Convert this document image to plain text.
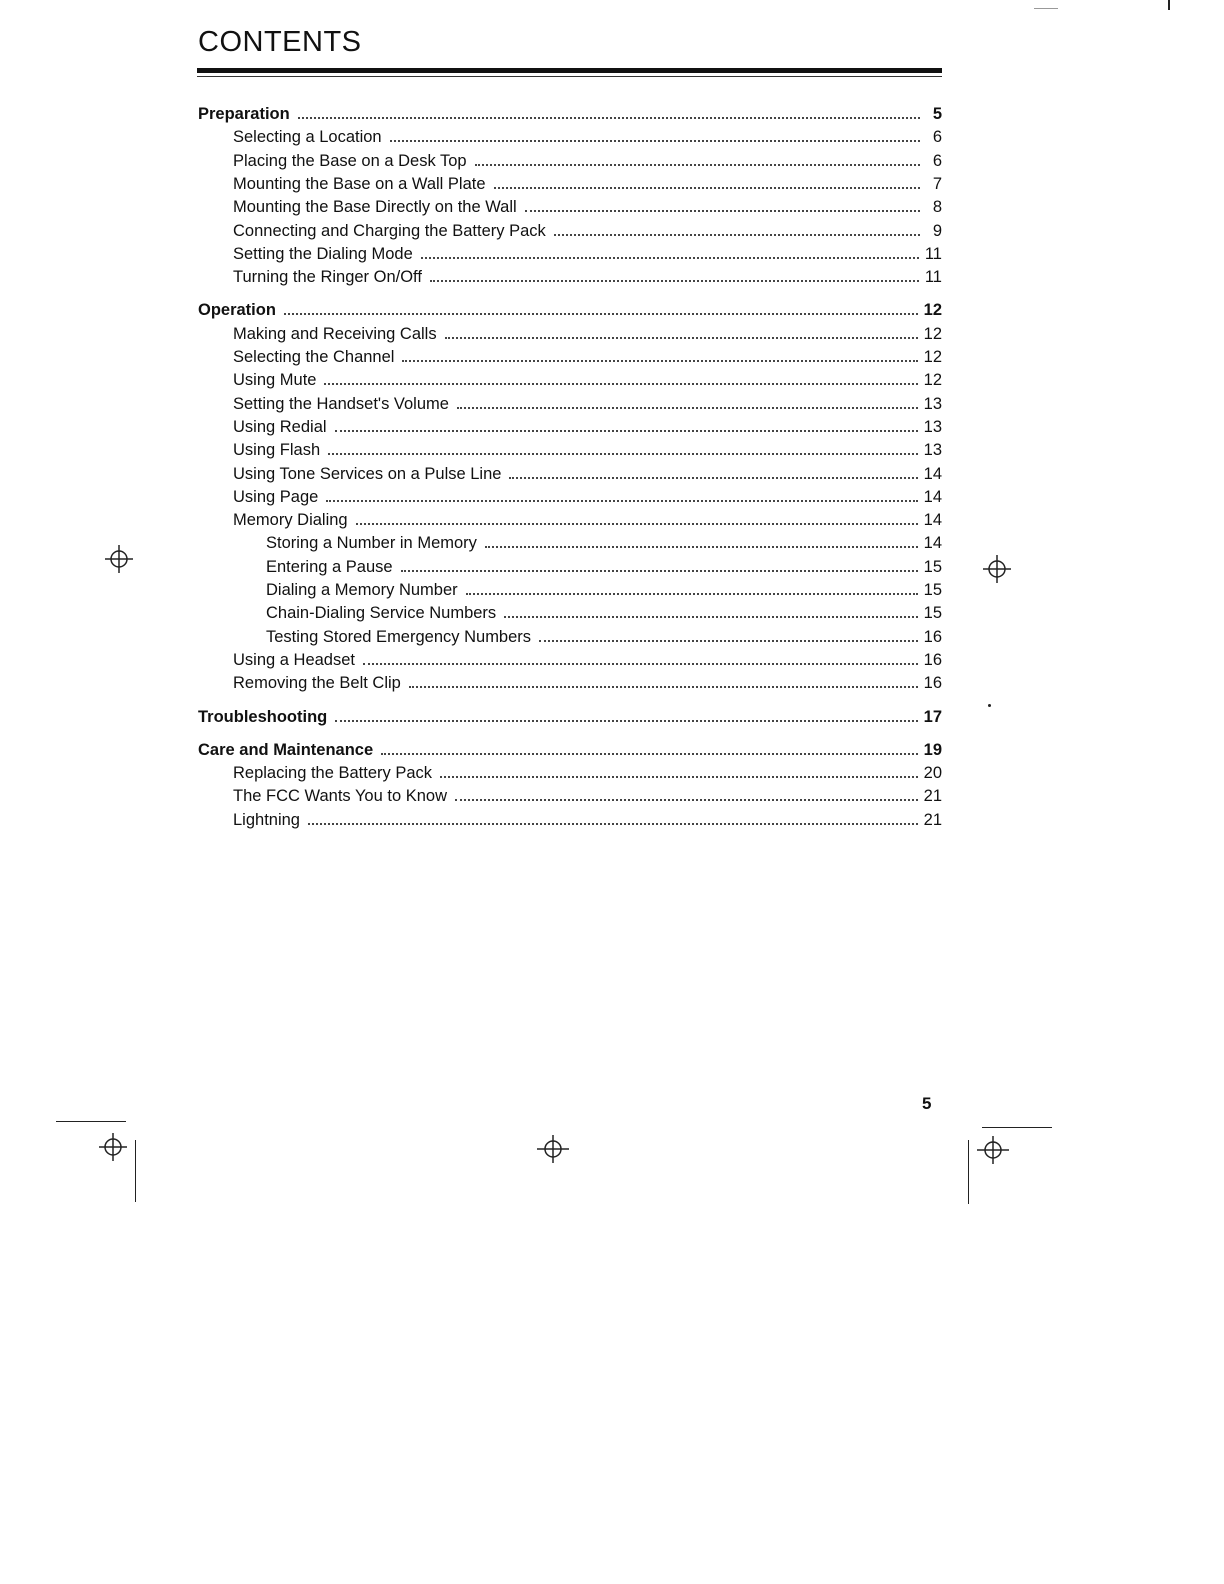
CONTENTS
Preparation	5
Selecting a Location	6
Placing the Base on a Desk Top	6
Mounting the Base on a Wall Plate	7
Mounting the Base Directly on the Wall	8
Connecting and Charging the Battery Pack	9
Setting the Dialing Mode	11
Turning the Ringer On/Off	11
Operation	12
Making and Receiving Calls	12
Selecting the Channel	12
Using Mute	12
Setting the Handset's Volume	13
Using Redial	13
Using Flash	13
Using Tone Services on a Pulse Line	14
Using Page	14
Memory Dialing	14
Storing a Number in Memory	14
Entering a Pause	15
Dialing a Memory Number	15
Chain-Dialing Service Numbers	15
Testing Stored Emergency Numbers	16
Using a Headset	16
Removing the Belt Clip	16
Troubleshooting	17
Care and Maintenance	19
Replacing the Battery Pack	20
The FCC Wants You to Know	21
Lightning	21
5
